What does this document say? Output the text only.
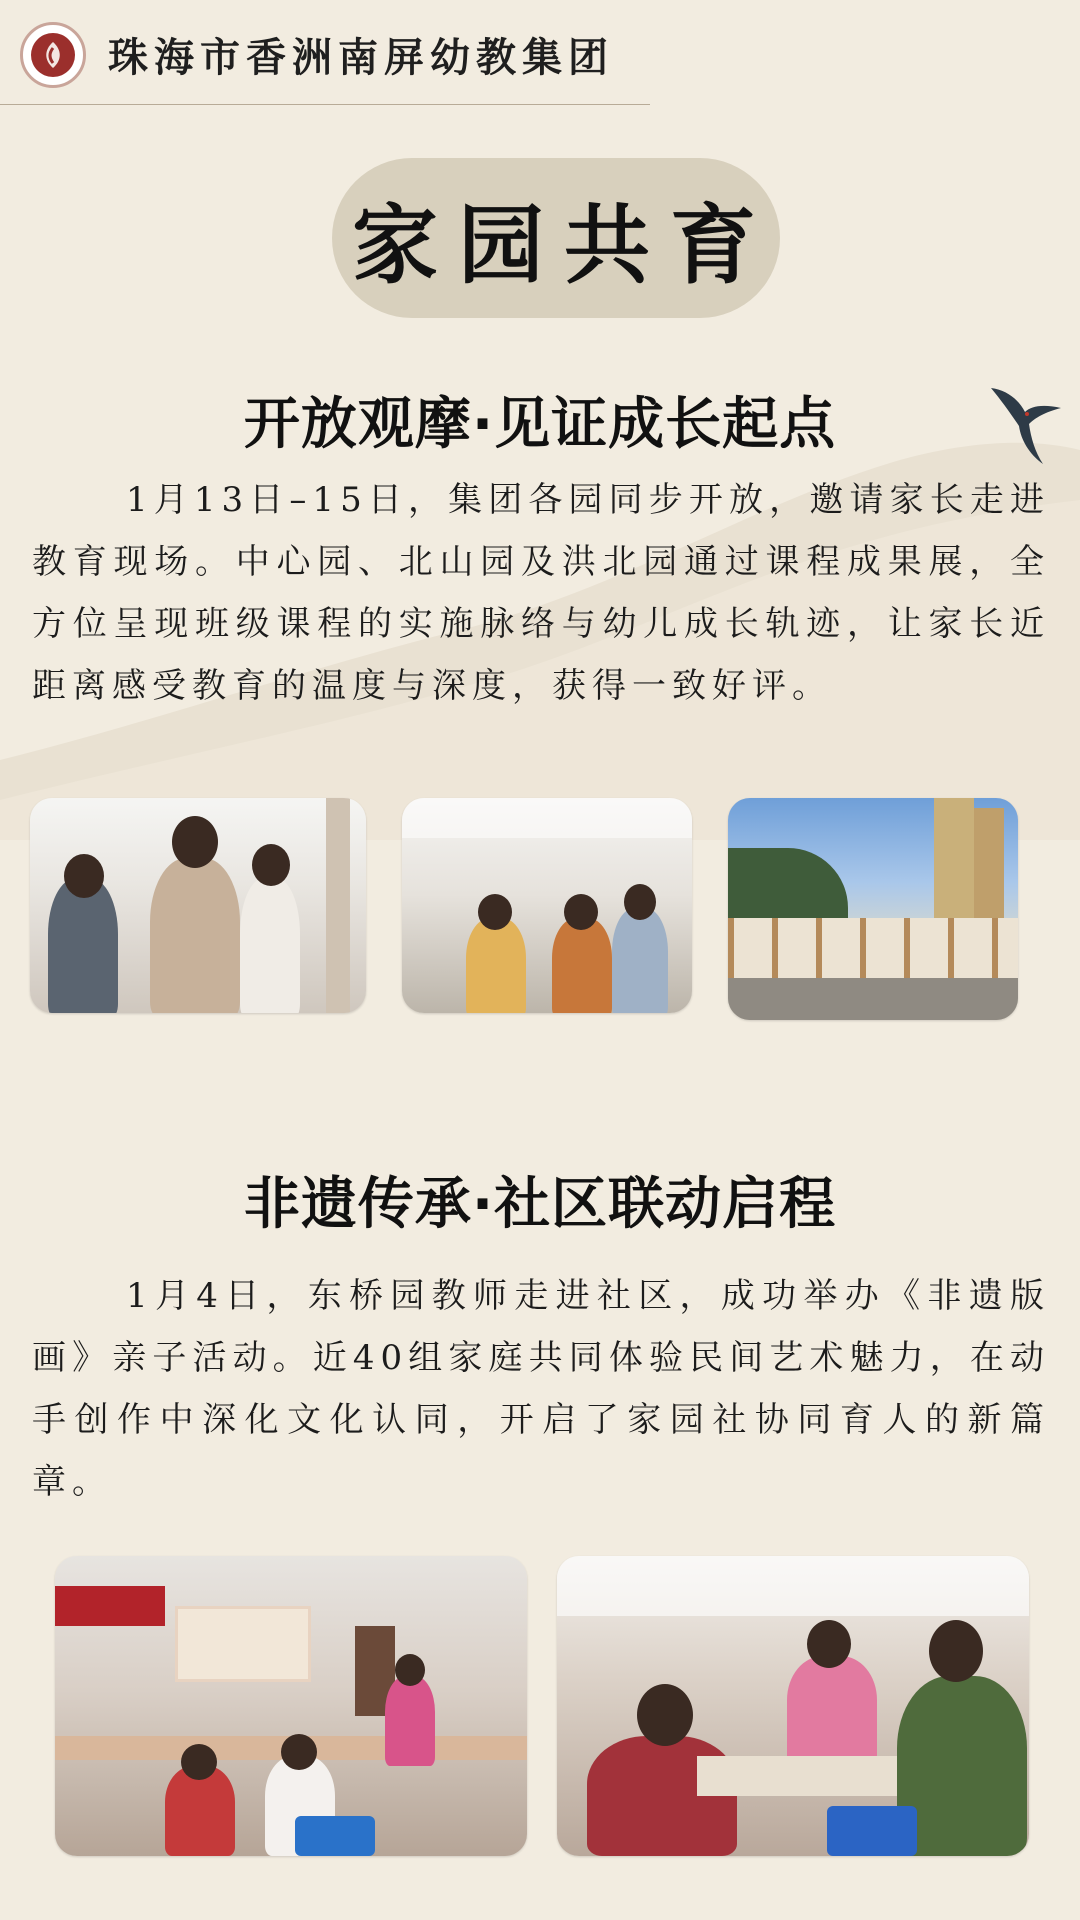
珠海市香洲南屏幼教集团
家园共育
开放观摩·见证成长起点
1月13日–15日，集团各园同步开放，邀请家长走进教育现场。中心园、北山园及洪北园通过课程成果展，全方位呈现班级课程的实施脉络与幼儿成长轨迹，让家长近距离感受教育的温度与深度，获得一致好评。
非遗传承·社区联动启程
1月4日，东桥园教师走进社区，成功举办《非遗版画》亲子活动。近40组家庭共同体验民间艺术魅力，在动手创作中深化文化认同，开启了家园社协同育人的新篇章。
